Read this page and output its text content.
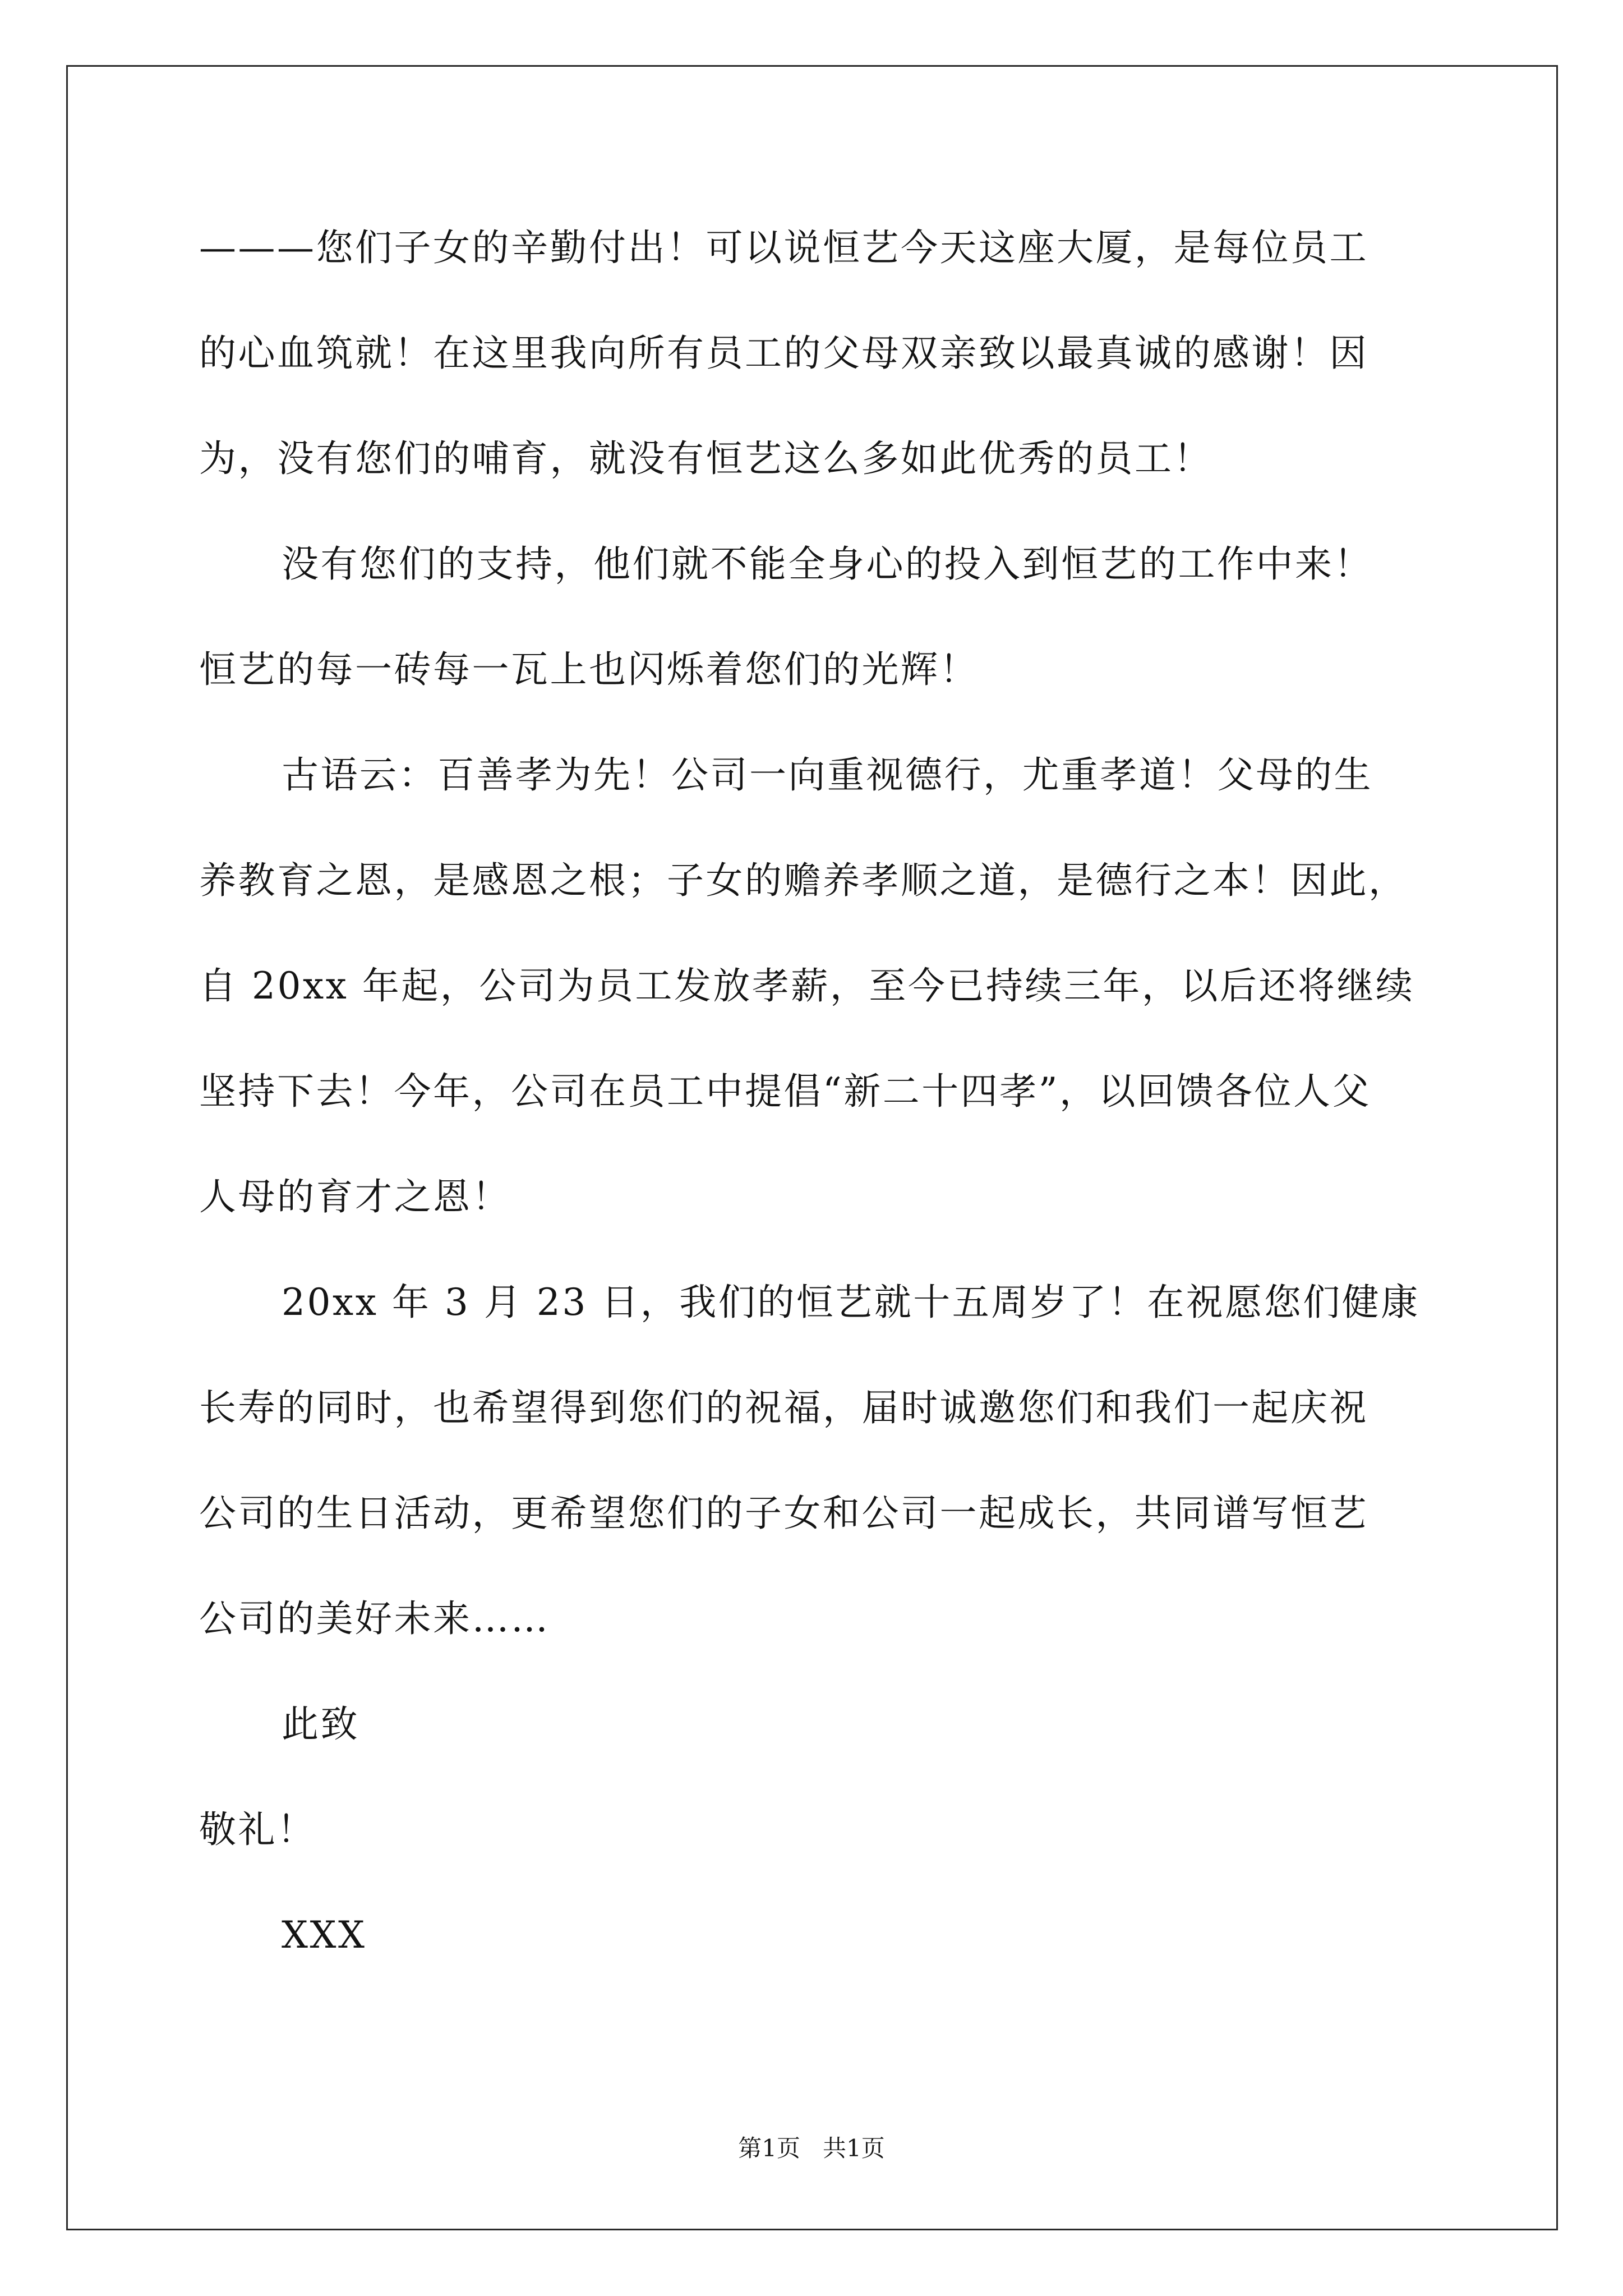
———您们子女的辛勤付出！可以说恒艺今天这座大厦，是每位员工
的心血筑就！在这里我向所有员工的父母双亲致以最真诚的感谢！因
为，没有您们的哺育，就没有恒艺这么多如此优秀的员工！
没有您们的支持，他们就不能全身心的投入到恒艺的工作中来！
恒艺的每一砖每一瓦上也闪烁着您们的光辉！
古语云：百善孝为先！公司一向重视德行，尤重孝道！父母的生
养教育之恩，是感恩之根；子女的赡养孝顺之道，是德行之本！因此，
自 20xx 年起，公司为员工发放孝薪，至今已持续三年，以后还将继续
坚持下去！今年，公司在员工中提倡“新二十四孝”，以回馈各位人父
人母的育才之恩！
20xx 年 3 月 23 日，我们的恒艺就十五周岁了！在祝愿您们健康
长寿的同时，也希望得到您们的祝福，届时诚邀您们和我们一起庆祝
公司的生日活动，更希望您们的子女和公司一起成长，共同谱写恒艺
公司的美好未来……
此致
敬礼！
XXX
第1页   共1页
